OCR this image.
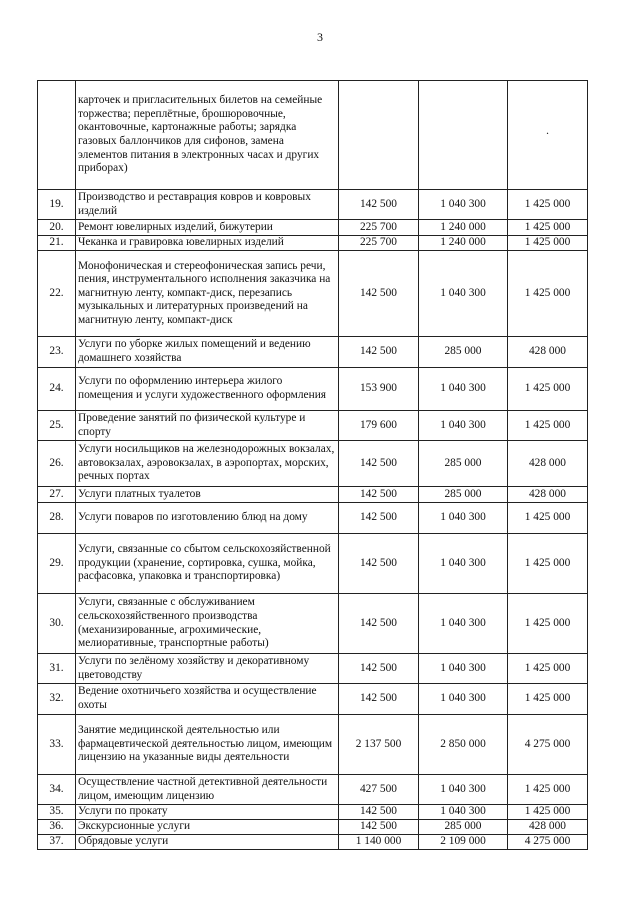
3
	карточек и пригласительных билетов на семейные торжества; переплётные, брошюровочные, окантовочные, картонажные работы; зарядка газовых баллончиков для сифонов, замена элементов питания в электронных часах и других приборах)			·
19.	Производство и реставрация ковров и ковровых изделий	142 500	1 040 300	1 425 000
20.	Ремонт ювелирных изделий, бижутерии	225 700	1 240 000	1 425 000
21.	Чеканка и гравировка ювелирных изделий	225 700	1 240 000	1 425 000
22.	Монофоническая и стереофоническая запись речи, пения, инструментального исполнения заказчика на магнитную ленту, компакт-диск, перезапись музыкальных и литературных произведений на магнитную ленту, компакт-диск	142 500	1 040 300	1 425 000
23.	Услуги по уборке жилых помещений и ведению домашнего хозяйства	142 500	285 000	428 000
24.	Услуги по оформлению интерьера жилого помещения и услуги художественного оформления	153 900	1 040 300	1 425 000
25.	Проведение занятий по физической культуре и спорту	179 600	1 040 300	1 425 000
26.	Услуги носильщиков на железнодорожных вокзалах, автовокзалах, аэровокзалах, в аэропортах, морских, речных портах	142 500	285 000	428 000
27.	Услуги платных туалетов	142 500	285 000	428 000
28.	Услуги поваров по изготовлению блюд на дому	142 500	1 040 300	1 425 000
29.	Услуги, связанные со сбытом сельскохозяйственной продукции (хранение, сортировка, сушка, мойка, расфасовка, упаковка и транспортировка)	142 500	1 040 300	1 425 000
30.	Услуги, связанные с обслуживанием сельскохозяйственного производства (механизированные, агрохимические, мелиоративные, транспортные работы)	142 500	1 040 300	1 425 000
31.	Услуги по зелёному хозяйству и декоративному цветоводству	142 500	1 040 300	1 425 000
32.	Ведение охотничьего хозяйства и осуществление охоты	142 500	1 040 300	1 425 000
33.	Занятие медицинской деятельностью или фармацевтической деятельностью лицом, имеющим лицензию на указанные виды деятельности	2 137 500	2 850 000	4 275 000
34.	Осуществление частной детективной деятельности лицом, имеющим лицензию	427 500	1 040 300	1 425 000
35.	Услуги по прокату	142 500	1 040 300	1 425 000
36.	Экскурсионные услуги	142 500	285 000	428 000
37.	Обрядовые услуги	1 140 000	2 109 000	4 275 000
